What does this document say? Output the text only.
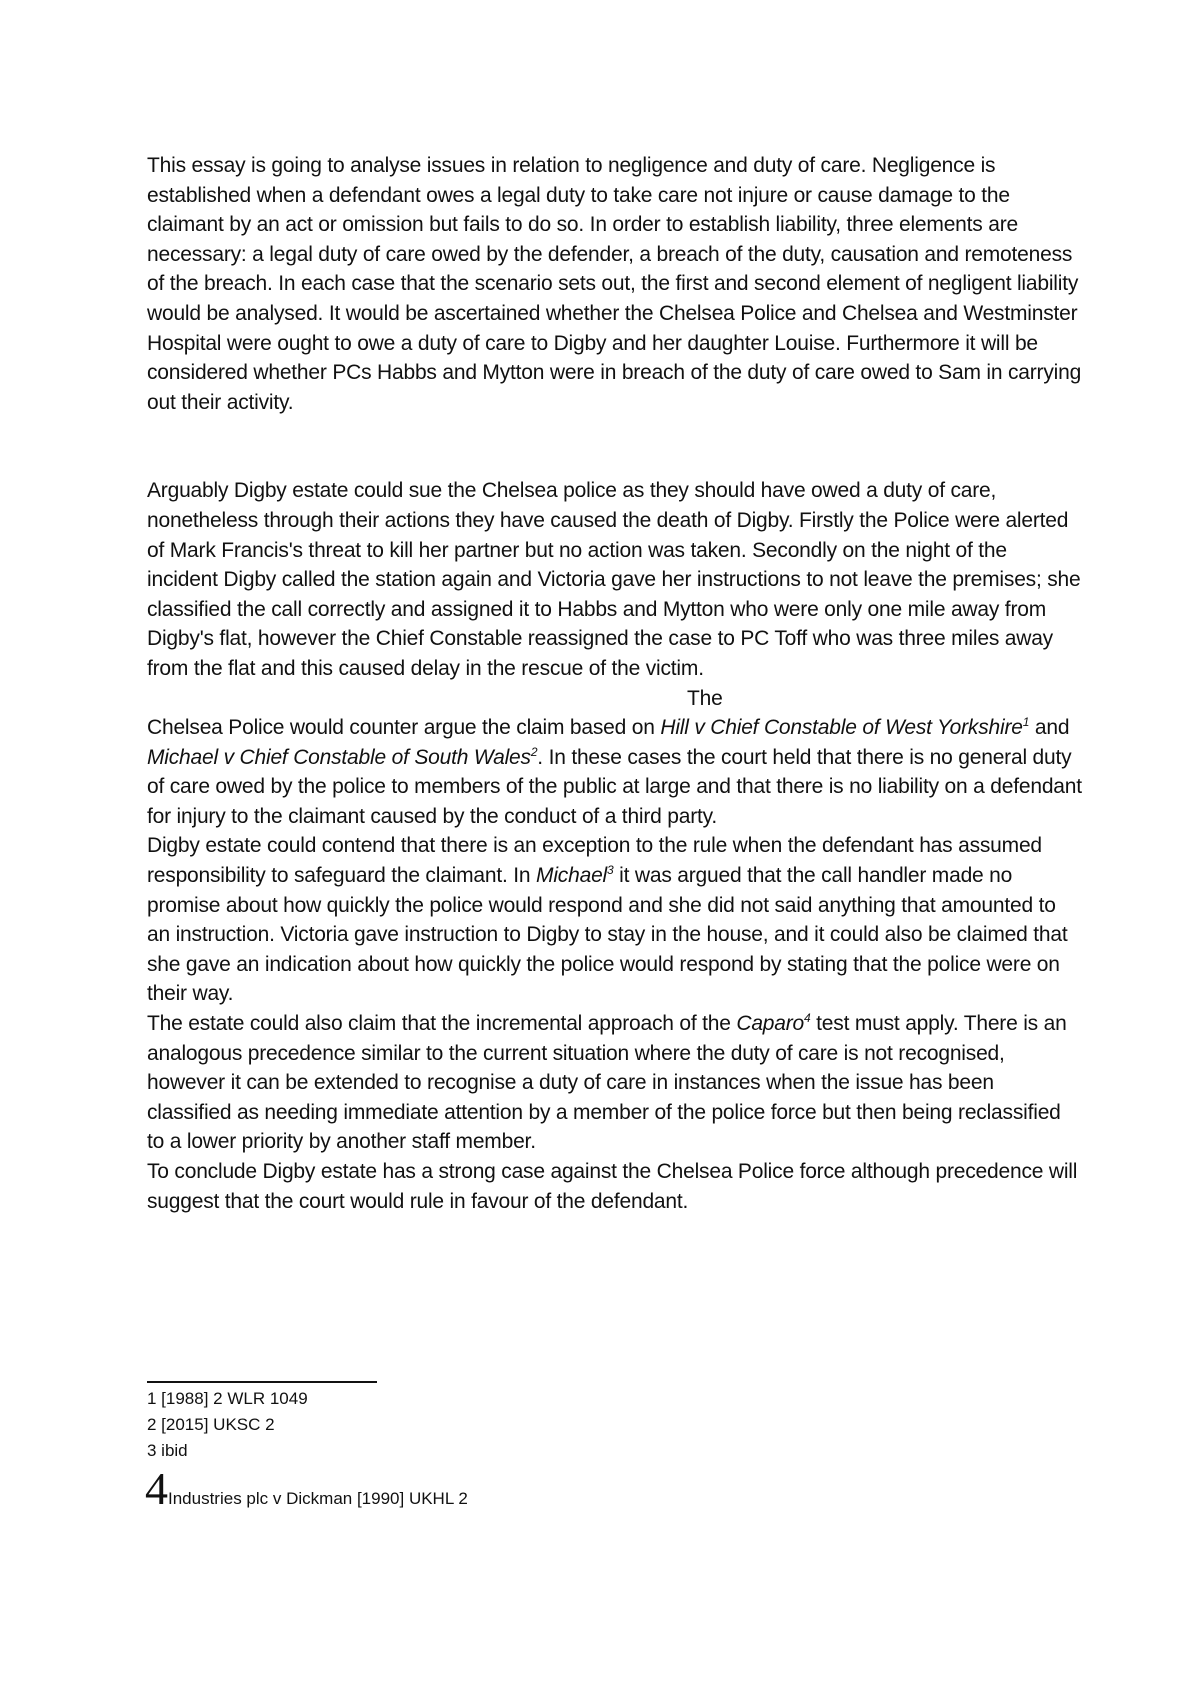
This essay is going to analyse issues in relation to negligence and duty of care. Negligence is established when a defendant owes a legal duty to take care not injure or cause damage to the claimant by an act or omission but fails to do so. In order to establish liability, three elements are necessary: a legal duty of care owed by the defender, a breach of the duty, causation and remoteness of the breach. In each case that the scenario sets out, the first and second element of negligent liability would be analysed. It would be ascertained whether the Chelsea Police and Chelsea and Westminster Hospital were ought to owe a duty of care to Digby and her daughter Louise. Furthermore it will be considered whether PCs Habbs and Mytton were in breach of the duty of care owed to Sam in carrying out their activity.

Arguably Digby estate could sue the Chelsea police as they should have owed a duty of care, nonetheless through their actions they have caused the death of Digby. Firstly the Police were alerted of Mark Francis's threat to kill her partner but no action was taken. Secondly on the night of the incident Digby called the station again and Victoria gave her instructions to not leave the premises; she classified the call correctly and assigned it to Habbs and Mytton who were only one mile away from Digby's flat, however the Chief Constable reassigned the case to PC Toff who was three miles away from the flat and this caused delay in the rescue of the victim.The

Chelsea Police would counter argue the claim based on Hill v Chief Constable of West Yorkshire$^1$ and Michael v Chief Constable of South Wales$^2$. In these cases the court held that there is no general duty of care owed by the police to members of the public at large and that there is no liability on a defendant for injury to the claimant caused by the conduct of a third party.

Digby estate could contend that there is an exception to the rule when the defendant has assumed responsibility to safeguard the claimant. In Michael$^3$ it was argued that the call handler made no promise about how quickly the police would respond and she did not said anything that amounted to an instruction. Victoria gave instruction to Digby to stay in the house, and it could also be claimed that she gave an indication about how quickly the police would respond by stating that the police were on their way.

The estate could also claim that the incremental approach of the Caparo$^4$ test must apply. There is an analogous precedence similar to the current situation where the duty of care is not recognised, however it can be extended to recognise a duty of care in instances when the issue has been classified as needing immediate attention by a member of the police force but then being reclassified to a lower priority by another staff member.

To conclude Digby estate has a strong case against the Chelsea Police force although precedence will suggest that the court would rule in favour of the defendant.

1 [1988] 2 WLR 1049
2 [2015] UKSC 2
3 ibid
4Industries plc v Dickman [1990] UKHL 2
